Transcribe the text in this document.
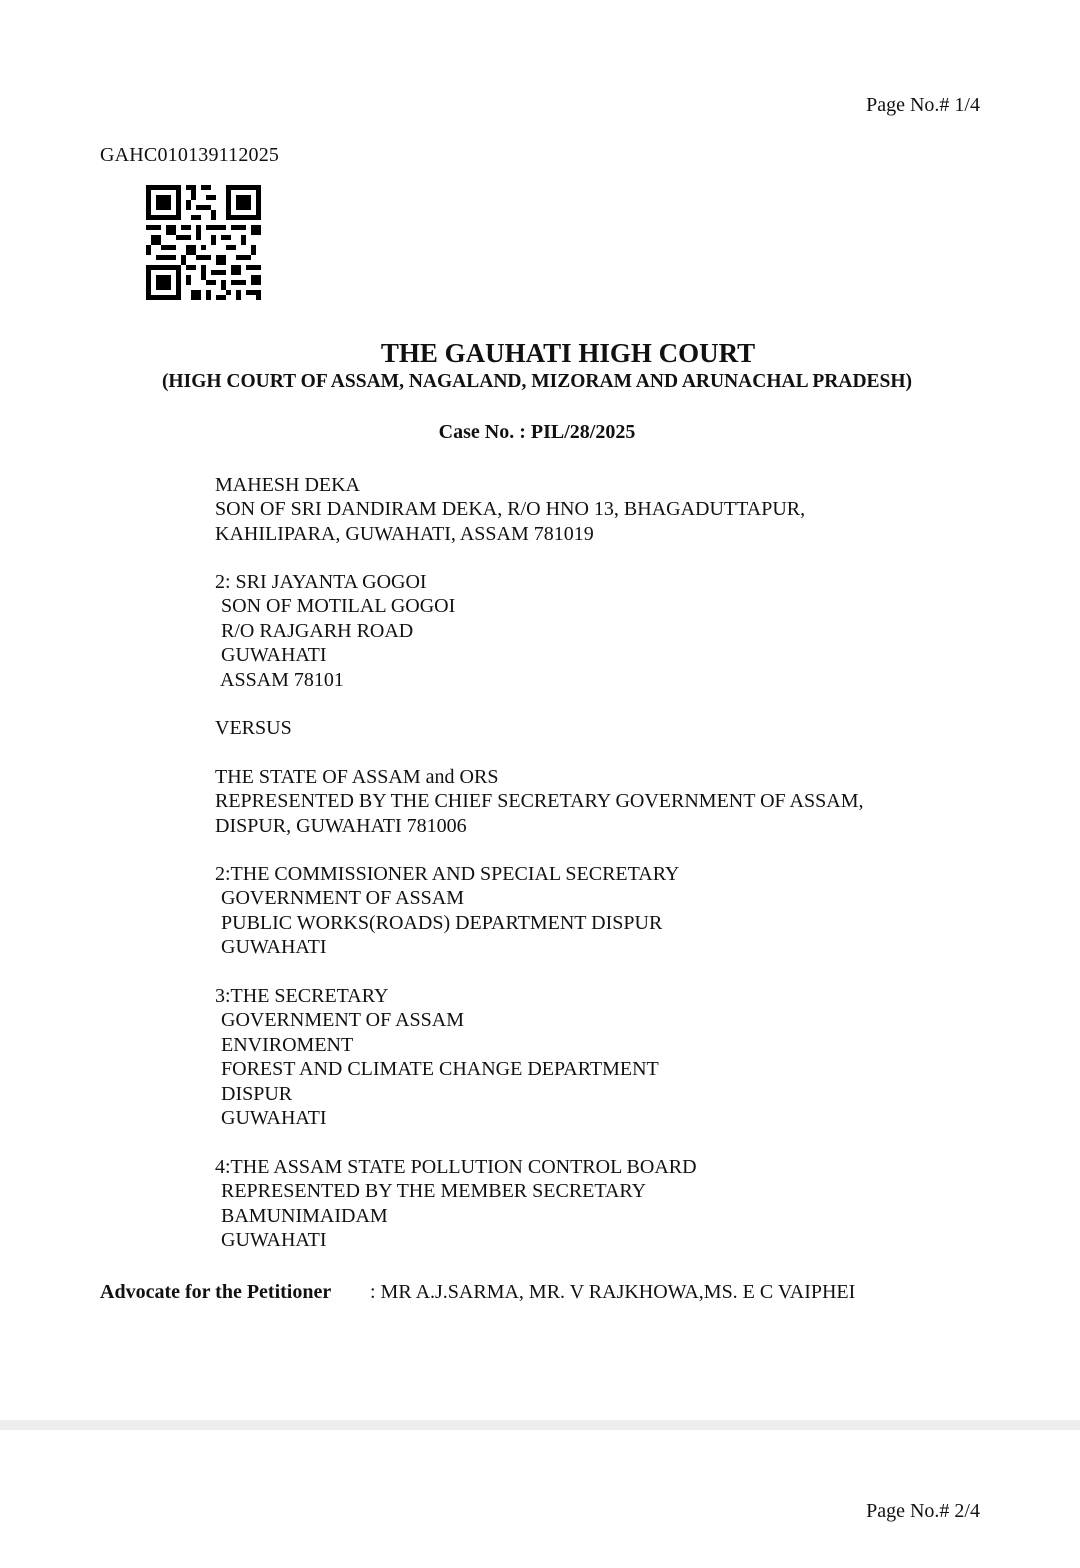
Page No.# 1/4
GAHC010139112025
THE GAUHATI HIGH COURT
(HIGH COURT OF ASSAM, NAGALAND, MIZORAM AND ARUNACHAL PRADESH)
Case No. : PIL/28/2025
MAHESH DEKA
SON OF SRI DANDIRAM DEKA, R/O HNO 13, BHAGADUTTAPUR,
KAHILIPARA, GUWAHATI, ASSAM 781019
2: SRI JAYANTA GOGOI
SON OF MOTILAL GOGOI
R/O RAJGARH ROAD
GUWAHATI
ASSAM 78101
VERSUS
THE STATE OF ASSAM and ORS
REPRESENTED BY THE CHIEF SECRETARY GOVERNMENT OF ASSAM,
DISPUR, GUWAHATI 781006
2:THE COMMISSIONER AND SPECIAL SECRETARY
GOVERNMENT OF ASSAM
PUBLIC WORKS(ROADS) DEPARTMENT DISPUR
GUWAHATI
3:THE SECRETARY
GOVERNMENT OF ASSAM
ENVIROMENT
FOREST AND CLIMATE CHANGE DEPARTMENT
DISPUR
GUWAHATI
4:THE ASSAM STATE POLLUTION CONTROL BOARD
REPRESENTED BY THE MEMBER SECRETARY
BAMUNIMAIDAM
GUWAHATI
Advocate for the Petitioner : MR A.J.SARMA, MR. V RAJKHOWA,MS. E C VAIPHEI
Page No.# 2/4
